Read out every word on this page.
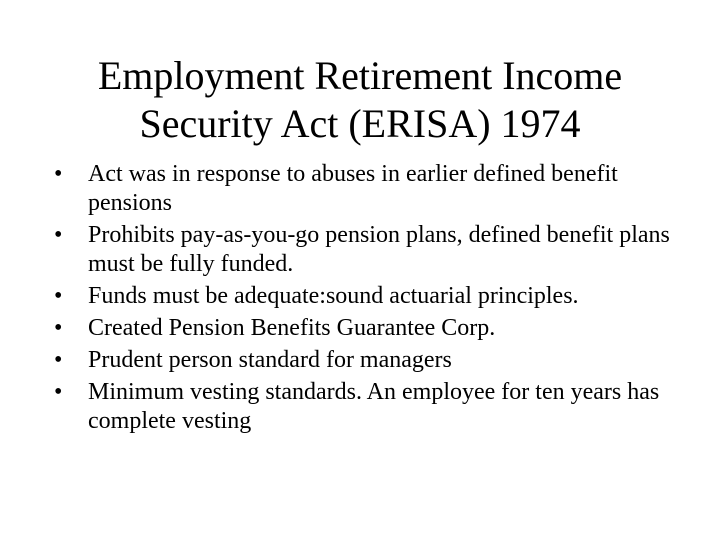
Employment Retirement Income
Security Act (ERISA) 1974
•	Act was in response to abuses in earlier defined benefit pensions
•	Prohibits pay-as-you-go pension plans, defined benefit plans must be fully funded.
•	Funds must be adequate:sound actuarial principles.
•	Created Pension Benefits Guarantee Corp.
•	Prudent person standard for managers
•	Minimum vesting standards. An employee for ten years has complete vesting
